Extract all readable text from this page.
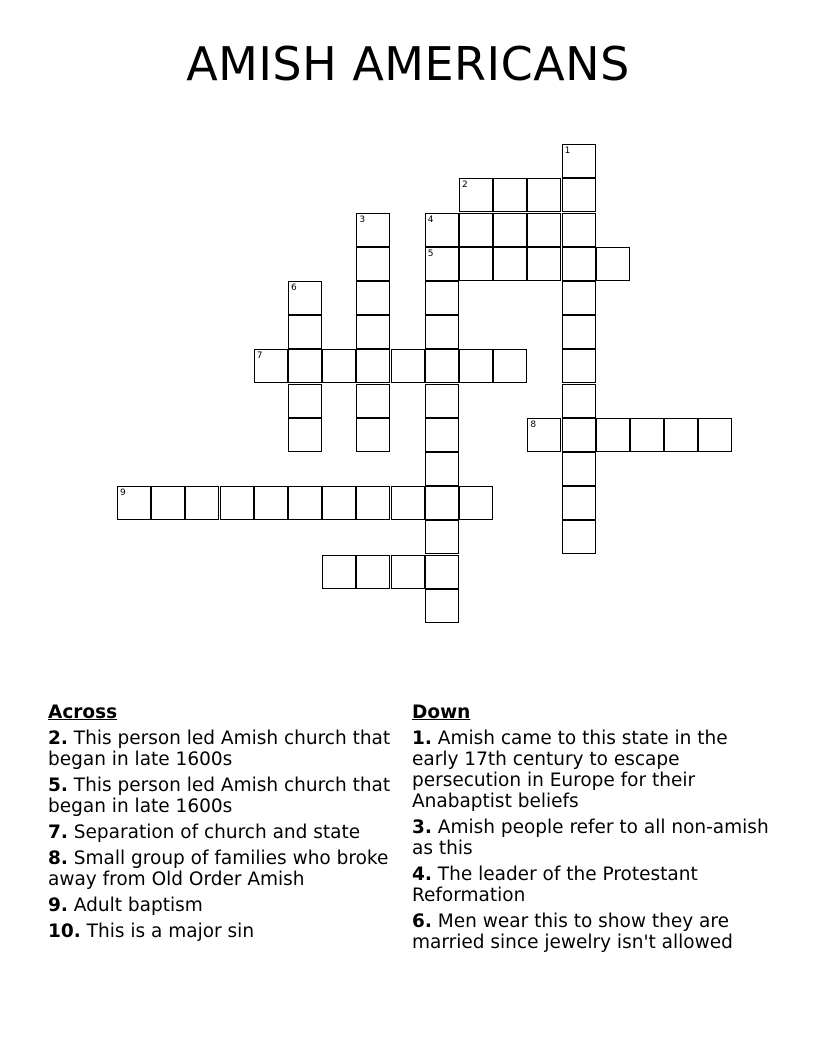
AMISH AMERICANS
1
2
3	4
5
6
7
8
9
Across
2. This person led Amish church that began in late 1600s
5. This person led Amish church that began in late 1600s
7. Separation of church and state
8. Small group of families who broke away from Old Order Amish
9. Adult baptism
10. This is a major sin
Down
1. Amish came to this state in the early 17th century to escape persecution in Europe for their Anabaptist beliefs
3. Amish people refer to all non-amish as this
4. The leader of the Protestant Reformation
6. Men wear this to show they are married since jewelry isn't allowed
